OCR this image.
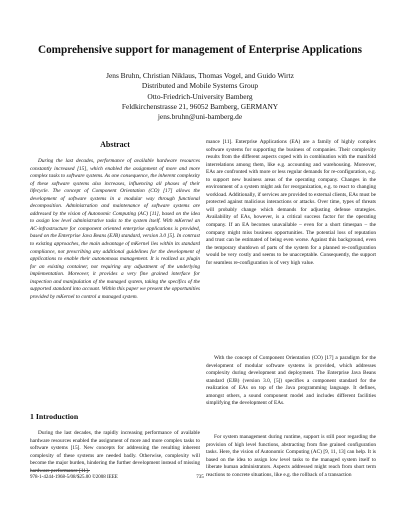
Comprehensive support for management of Enterprise Applications
Jens Bruhn, Christian Niklaus, Thomas Vogel, and Guido Wirtz
Distributed and Mobile Systems Group
Otto-Friedrich-University Bamberg
Feldkirchenstrasse 21, 96052 Bamberg, GERMANY
jens.bruhn@uni-bamberg.de
Abstract

During the last decades, performance of available hardware resources constantly increased [15], which enabled the assignment of more and more complex tasks to software systems. As one consequence, the inherent complexity of these software systems also increases, influencing all phases of their lifecycle. The concept of Component Orientation (CO) [17] allows the development of software systems in a modular way through functional decomposition. Administration and maintenance of software systems are addressed by the vision of Autonomic Computing (AC) [11], based on the idea to assign low level administrative tasks to the system itself. With mKernel an AC-infrastructure for component oriented enterprise applications is provided, based on the Enterprise Java Beans (EJB) standard, version 3.0 [5]. In contrast to existing approaches, the main advantage of mKernel lies within its standard compliance, not prescribing any additional guidelines for the development of applications to enable their autonomous management. It is realized as plugin for an existing container, not requiring any adjustment of the underlying implementation. Moreover, it provides a very fine grained interface for inspection and manipulation of the managed system, taking the specifics of the supported standard into account. Within this paper we present the opportunities provided by mKernel to control a managed system.

1 Introduction

During the last decades, the rapidly increasing performance of available hardware resources enabled the assignment of more and more complex tasks to software systems [15]. New concepts for addressing the resulting inherent complexity of these systems are needed badly. Otherwise, complexity will become the major burden, hindering the further development instead of missing hardware performance [11].

mance [11]. Enterprise Applications (EA) are a family of highly complex software systems for supporting the business of companies. Their complexity results from the different aspects coped with in combination with the manifold interrelations among them, like e.g. accounting and warehousing. Moreover, EAs are confronted with more or less regular demands for re-configuration, e.g. to support new business areas of the operating company. Changes in the environment of a system might ask for reorganization, e.g. to react to changing workload. Additionally, if services are provided to external clients, EAs must be protected against malicious interactions or attacks. Over time, types of threats will probably change which demands for adjusting defense strategies. Availability of EAs, however, is a critical success factor for the operating company. If an EA becomes unavailable – even for a short timespan – the company might miss business opportunities. The potential loss of reputation and trust can be estimated of being even worse. Against this background, even the temporary shutdown of parts of the system for a planned re-configuration would be very costly and seems to be unacceptable. Consequently, the support for seamless re-configuration is of very high value.

With the concept of Component Orientation (CO) [17] a paradigm for the development of modular software systems is provided, which addresses complexity during development and deployment. The Enterprise Java Beans standard (EJB) (version 3.0, [5]) specifies a component standard for the realization of EAs on top of the Java programming language. It defines, amongst others, a sound component model and includes different facilities simplifying the development of EAs.

For system management during runtime, support is still poor regarding the provision of high level functions, abstracting from fine grained configuration tasks. Here, the vision of Autonomic Computing (AC) [9, 11, 13] can help. It is based on the idea to assign low level tasks to the managed system itself to liberate human administrators. Aspects addressed might reach from short term reactions to concrete situations, like e.g. the rollback of a transaction

978-1-4244-1968-5/08/$25.00 ©2008 IEEE	735
